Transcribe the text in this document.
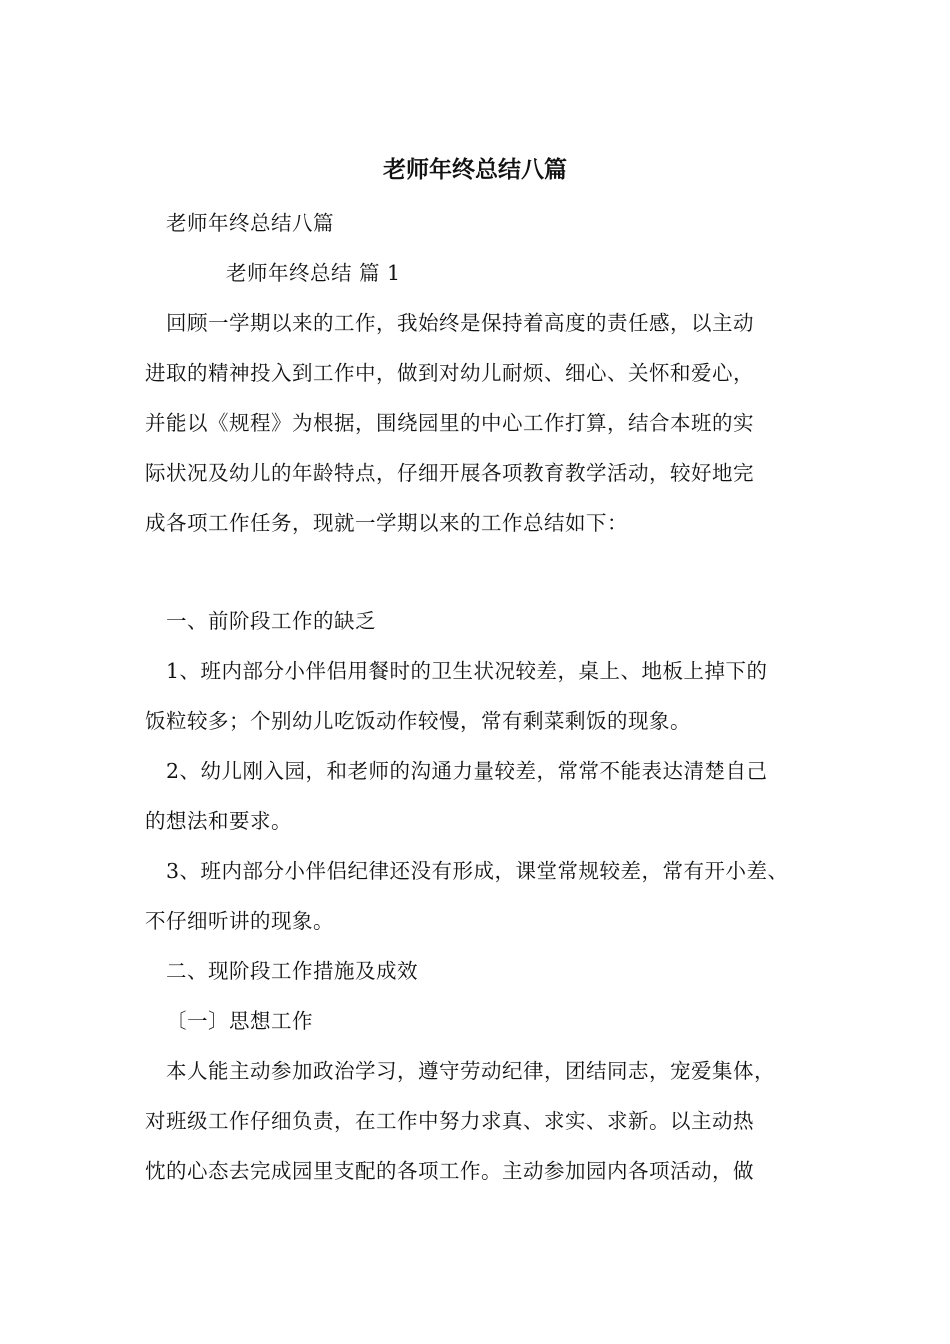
老师年终总结八篇
老师年终总结八篇
老师年终总结 篇 1
回顾一学期以来的工作，我始终是保持着高度的责任感，以主动
进取的精神投入到工作中，做到对幼儿耐烦、细心、关怀和爱心，
并能以《规程》为根据，围绕园里的中心工作打算，结合本班的实
际状况及幼儿的年龄特点，仔细开展各项教育教学活动，较好地完
成各项工作任务，现就一学期以来的工作总结如下：
一、前阶段工作的缺乏
1、班内部分小伴侣用餐时的卫生状况较差，桌上、地板上掉下的
饭粒较多；个别幼儿吃饭动作较慢，常有剩菜剩饭的现象。
2、幼儿刚入园，和老师的沟通力量较差，常常不能表达清楚自己
的想法和要求。
3、班内部分小伴侣纪律还没有形成，课堂常规较差，常有开小差、
不仔细听讲的现象。
二、现阶段工作措施及成效
〔一〕思想工作
本人能主动参加政治学习，遵守劳动纪律，团结同志，宠爱集体，
对班级工作仔细负责，在工作中努力求真、求实、求新。以主动热
忱的心态去完成园里支配的各项工作。主动参加园内各项活动，做
